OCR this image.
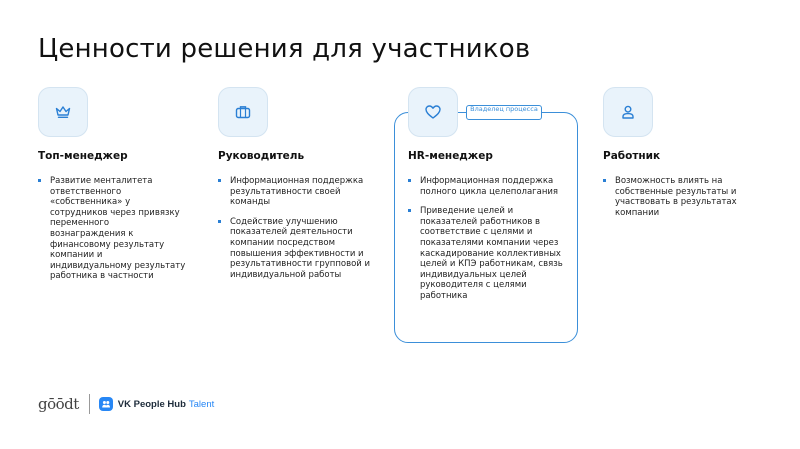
Ценности решения для участников
Владелец процесса
Топ-менеджер
Развитие менталитета ответственного «собственника» у сотрудников через привязку переменного вознаграждения к финансовому результату компании и индивидуальному результату работника в частности
Руководитель
Информационная поддержка результативности своей команды
Содействие улучшению показателей деятельности компании посредством повышения эффективности и результативности групповой и индивидуальной работы
HR-менеджер
Информационная поддержка полного цикла целеполагания
Приведение целей и показателей работников в соответствие с целями и показателями компании через каскадирование коллективных целей и КПЭ работникам, связь индивидуальных целей руководителя с целями работника
Работник
Возможность влиять на собственные результаты и участвовать в результатах компании
gōōdt	VK People Hub Talent
